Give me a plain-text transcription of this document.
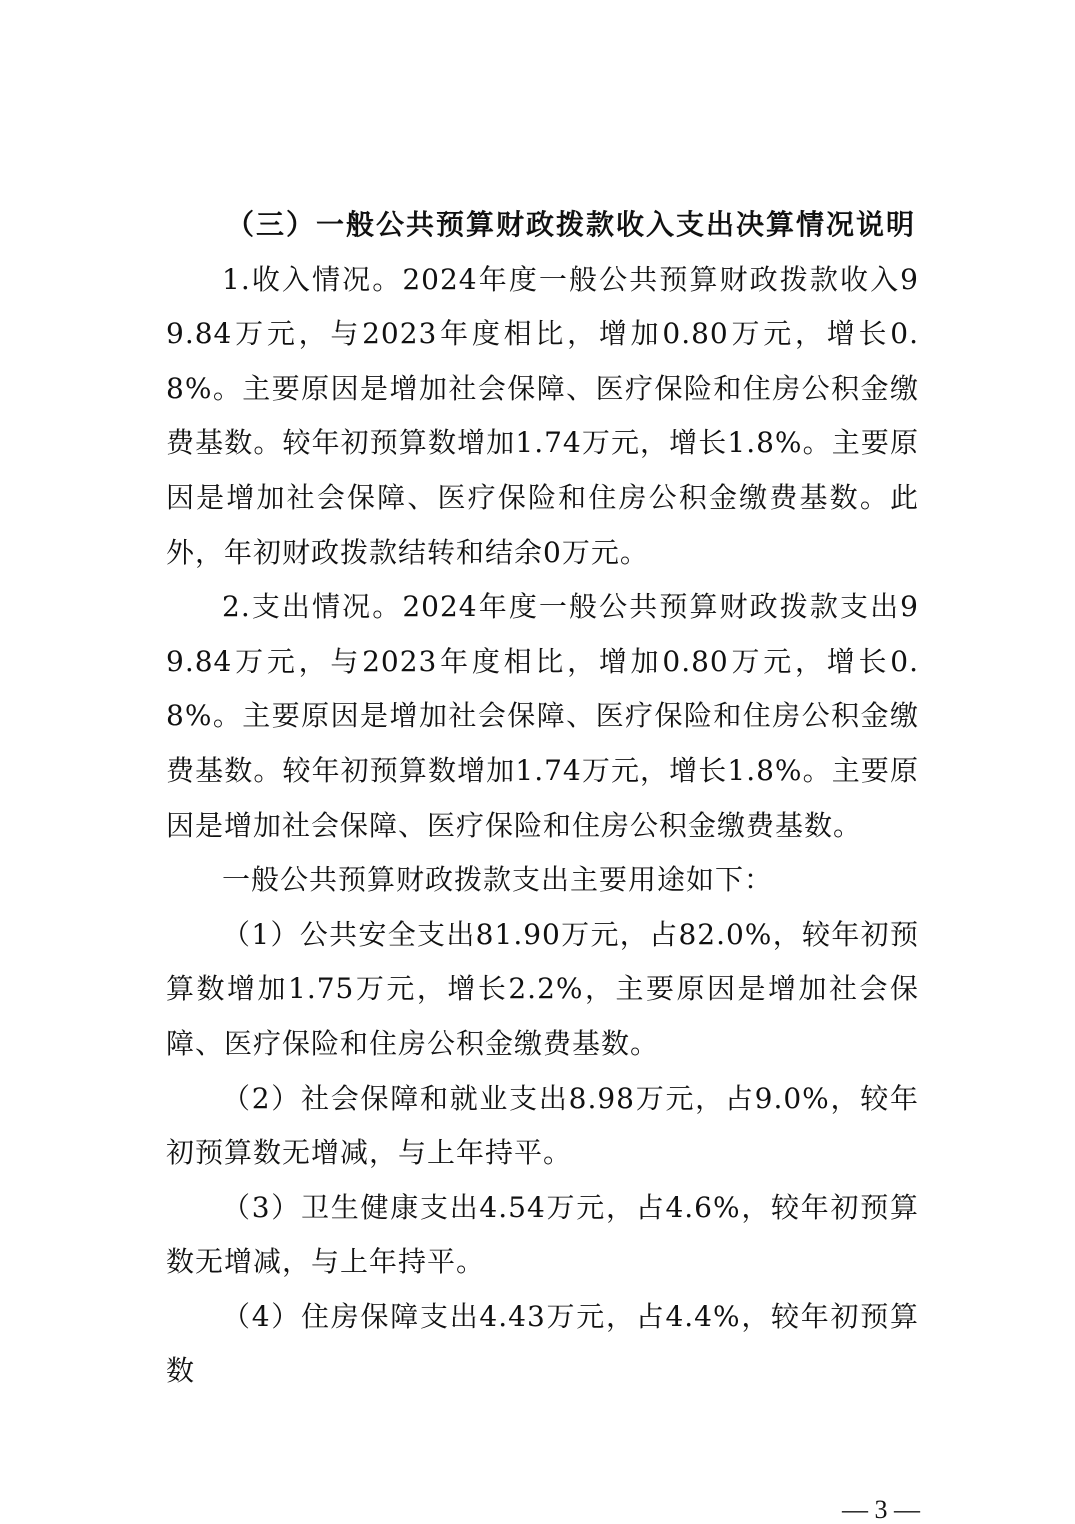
（三）一般公共预算财政拨款收入支出决算情况说明

1.收入情况。2024年度一般公共预算财政拨款收入99.84万元，与2023年度相比，增加0.80万元，增长0.8%。主要原因是增加社会保障、医疗保险和住房公积金缴费基数。较年初预算数增加1.74万元，增长1.8%。主要原因是增加社会保障、医疗保险和住房公积金缴费基数。此外，年初财政拨款结转和结余0万元。

2.支出情况。2024年度一般公共预算财政拨款支出99.84万元，与2023年度相比，增加0.80万元，增长0.8%。主要原因是增加社会保障、医疗保险和住房公积金缴费基数。较年初预算数增加1.74万元，增长1.8%。主要原因是增加社会保障、医疗保险和住房公积金缴费基数。

一般公共预算财政拨款支出主要用途如下：

（1）公共安全支出81.90万元，占82.0%，较年初预算数增加1.75万元，增长2.2%，主要原因是增加社会保障、医疗保险和住房公积金缴费基数。

（2）社会保障和就业支出8.98万元，占9.0%，较年初预算数无增减，与上年持平。

（3）卫生健康支出4.54万元，占4.6%，较年初预算数无增减，与上年持平。

（4）住房保障支出4.43万元，占4.4%，较年初预算数

— 3 —
